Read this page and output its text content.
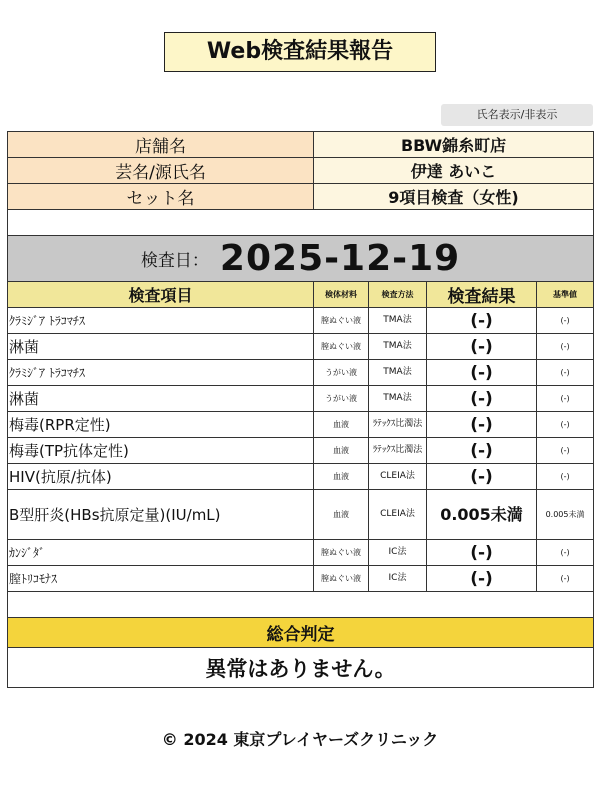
Web検査結果報告
氏名表示/非表示
店舗名	BBW錦糸町店			
芸名/源氏名	伊達 あいこ			
セット名	9項目検査（女性)			

検査日： 2025-12-19				
検査項目	検体材料	検査方法	検査結果	基準値
ｸﾗﾐｼﾞｱ ﾄﾗｺﾏﾁｽ	膣ぬぐい液	TMA法	(-)	(-)
淋菌	膣ぬぐい液	TMA法	(-)	(-)
ｸﾗﾐｼﾞｱ ﾄﾗｺﾏﾁｽ	うがい液	TMA法	(-)	(-)
淋菌	うがい液	TMA法	(-)	(-)
梅毒(RPR定性)	血液	ﾗﾃｯｸｽ比濁法	(-)	(-)
梅毒(TP抗体定性)	血液	ﾗﾃｯｸｽ比濁法	(-)	(-)
HIV(抗原/抗体)	血液	CLEIA法	(-)	(-)
B型肝炎(HBs抗原定量)(IU/mL)	血液	CLEIA法	0.005未満	0.005未満
ｶﾝｼﾞﾀﾞ	膣ぬぐい液	IC法	(-)	(-)
膣ﾄﾘｺﾓﾅｽ	膣ぬぐい液	IC法	(-)	(-)

総合判定				
異常はありません。				
© 2024 東京プレイヤーズクリニック
